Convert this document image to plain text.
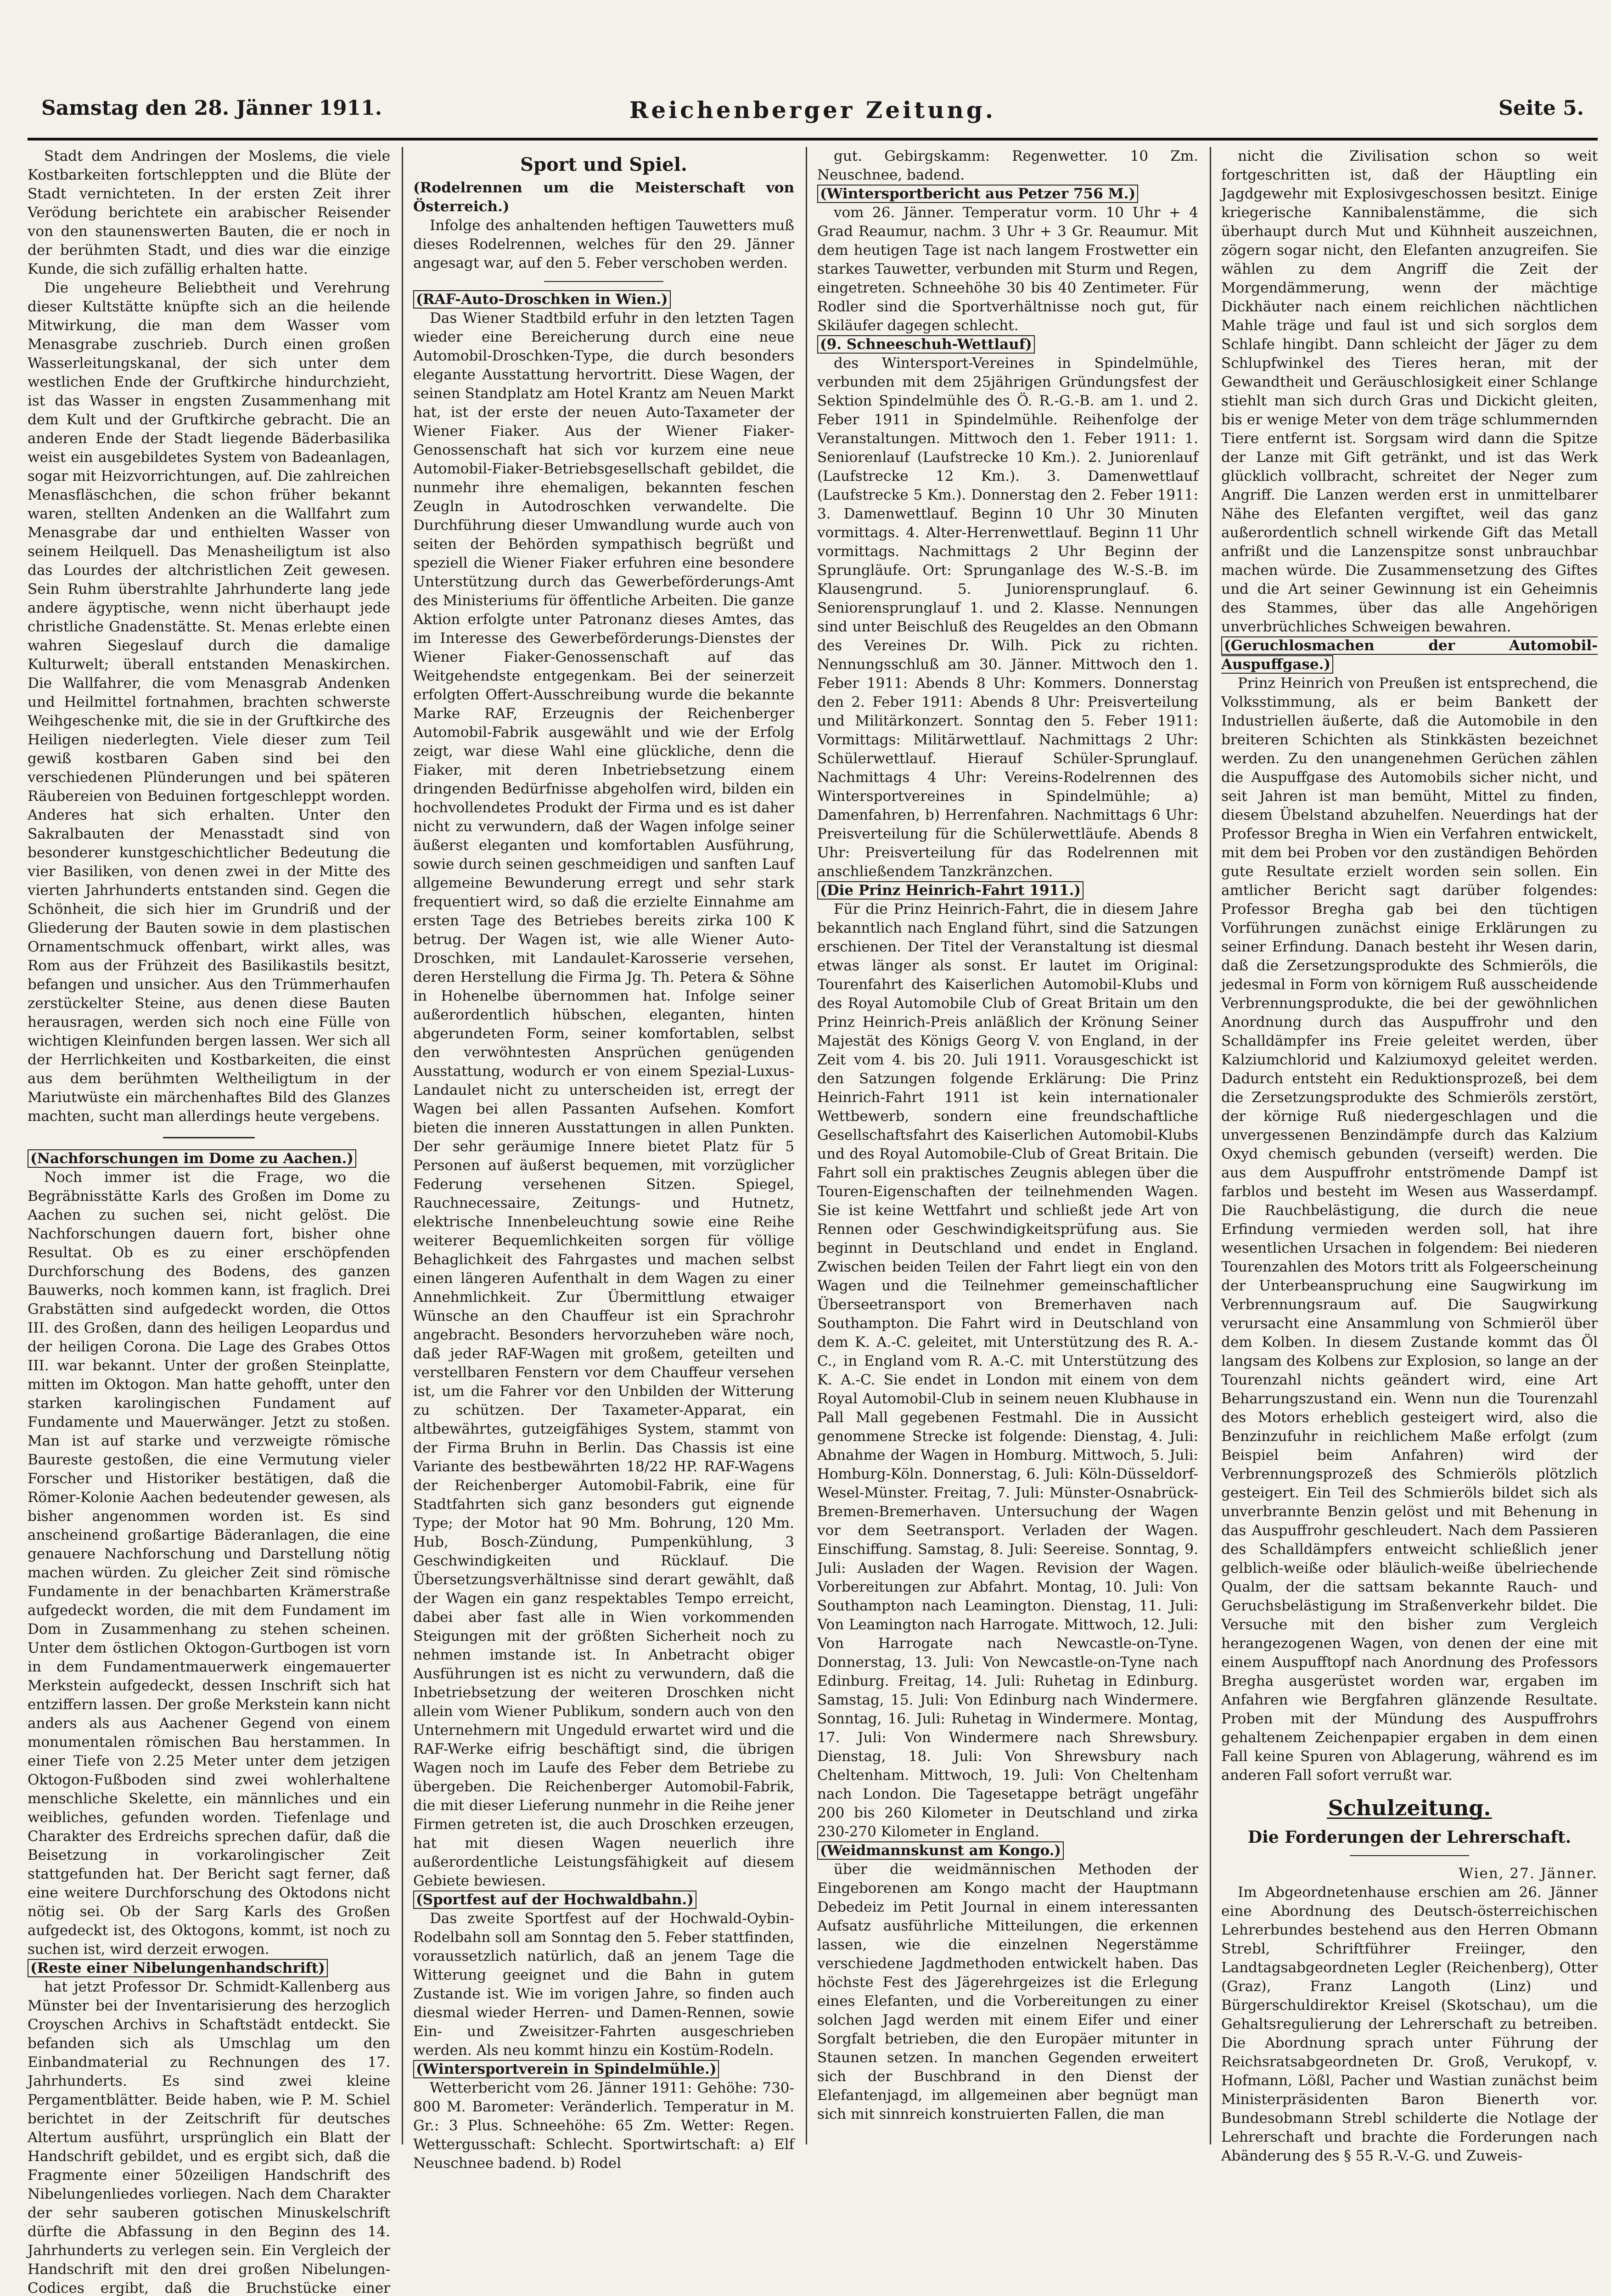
Samstag den 28. Jänner 1911.	Reichenberger Zeitung.	Seite 5.

Stadt dem Andringen der Moslems, die viele Kostbarkeiten fortschleppten und die Blüte der Stadt vernichteten. In der ersten Zeit ihrer Verödung berichtete ein arabischer Reisender von den staunenswerten Bauten, die er noch in der berühmten Stadt, und dies war die einzige Kunde, die sich zufällig erhalten hatte.

Die ungeheure Beliebtheit und Verehrung dieser Kultstätte knüpfte sich an die heilende Mitwirkung, die man dem Wasser vom Menasgrabe zuschrieb. Durch einen großen Wasserleitungskanal, der sich unter dem westlichen Ende der Gruftkirche hindurchzieht, ist das Wasser in engsten Zusammenhang mit dem Kult und der Gruftkirche gebracht. Die an anderen Ende der Stadt liegende Bäderbasilika weist ein ausgebildetes System von Badeanlagen, sogar mit Heizvorrichtungen, auf. Die zahlreichen Menasfläschchen, die schon früher bekannt waren, stellten Andenken an die Wallfahrt zum Menasgrabe dar und enthielten Wasser von seinem Heilquell. Das Menasheiligtum ist also das Lourdes der altchristlichen Zeit gewesen. Sein Ruhm überstrahlte Jahrhunderte lang jede andere ägyptische, wenn nicht überhaupt jede christliche Gnadenstätte. St. Menas erlebte einen wahren Siegeslauf durch die damalige Kulturwelt; überall entstanden Menaskirchen. Die Wallfahrer, die vom Menasgrab Andenken und Heilmittel fortnahmen, brachten schwerste Weihgeschenke mit, die sie in der Gruftkirche des Heiligen niederlegten. Viele dieser zum Teil gewiß kostbaren Gaben sind bei den verschiedenen Plünderungen und bei späteren Räubereien von Beduinen fortgeschleppt worden. Anderes hat sich erhalten. Unter den Sakralbauten der Menasstadt sind von besonderer kunstgeschichtlicher Bedeutung die vier Basiliken, von denen zwei in der Mitte des vierten Jahrhunderts entstanden sind. Gegen die Schönheit, die sich hier im Grundriß und der Gliederung der Bauten sowie in dem plastischen Ornamentschmuck offenbart, wirkt alles, was Rom aus der Frühzeit des Basilikastils besitzt, befangen und unsicher. Aus den Trümmerhaufen zerstückelter Steine, aus denen diese Bauten herausragen, werden sich noch eine Fülle von wichtigen Kleinfunden bergen lassen. Wer sich all der Herrlichkeiten und Kostbarkeiten, die einst aus dem berühmten Weltheiligtum in der Mariutwüste ein märchenhaftes Bild des Glanzes machten, sucht man allerdings heute vergebens.

(Nachforschungen im Dome zu Aachen.)

Noch immer ist die Frage, wo die Begräbnisstätte Karls des Großen im Dome zu Aachen zu suchen sei, nicht gelöst. Die Nachforschungen dauern fort, bisher ohne Resultat. Ob es zu einer erschöpfenden Durchforschung des Bodens, des ganzen Bauwerks, noch kommen kann, ist fraglich. Drei Grabstätten sind aufgedeckt worden, die Ottos III. des Großen, dann des heiligen Leopardus und der heiligen Corona. Die Lage des Grabes Ottos III. war bekannt. Unter der großen Steinplatte, mitten im Oktogon. Man hatte gehofft, unter den starken karolingischen Fundament auf Fundamente und Mauerwänger. Jetzt zu stoßen. Man ist auf starke und verzweigte römische Baureste gestoßen, die eine Vermutung vieler Forscher und Historiker bestätigen, daß die Römer-Kolonie Aachen bedeutender gewesen, als bisher angenommen worden ist. Es sind anscheinend großartige Bäderanlagen, die eine genauere Nachforschung und Darstellung nötig machen würden. Zu gleicher Zeit sind römische Fundamente in der benachbarten Krämerstraße aufgedeckt worden, die mit dem Fundament im Dom in Zusammenhang zu stehen scheinen. Unter dem östlichen Oktogon-Gurtbogen ist vorn in dem Fundamentmauerwerk eingemauerter Merkstein aufgedeckt, dessen Inschrift sich hat entziffern lassen. Der große Merkstein kann nicht anders als aus Aachener Gegend von einem monumentalen römischen Bau herstammen. In einer Tiefe von 2.25 Meter unter dem jetzigen Oktogon-Fußboden sind zwei wohlerhaltene menschliche Skelette, ein männliches und ein weibliches, gefunden worden. Tiefenlage und Charakter des Erdreichs sprechen dafür, daß die Beisetzung in vorkarolingischer Zeit stattgefunden hat. Der Bericht sagt ferner, daß eine weitere Durchforschung des Oktodons nicht nötig sei. Ob der Sarg Karls des Großen aufgedeckt ist, des Oktogons, kommt, ist noch zu suchen ist, wird derzeit erwogen.

(Reste einer Nibelungenhandschrift)

hat jetzt Professor Dr. Schmidt-Kallenberg aus Münster bei der Inventarisierung des herzoglich Croyschen Archivs in Schaftstädt entdeckt. Sie befanden sich als Umschlag um den Einbandmaterial zu Rechnungen des 17. Jahrhunderts. Es sind zwei kleine Pergamentblätter. Beide haben, wie P. M. Schiel berichtet in der Zeitschrift für deutsches Altertum ausführt, ursprünglich ein Blatt der Handschrift gebildet, und es ergibt sich, daß die Fragmente einer 50zeiligen Handschrift des Nibelungenliedes vorliegen. Nach dem Charakter der sehr sauberen gotischen Minuskelschrift dürfte die Abfassung in den Beginn des 14. Jahrhunderts zu verlegen sein. Ein Vergleich der Handschrift mit den drei großen Nibelungen-Codices ergibt, daß die Bruchstücke einer

Sport und Spiel.
(Rodelrennen um die Meisterschaft von Österreich.)

Infolge des anhaltenden heftigen Tauwetters muß dieses Rodelrennen, welches für den 29. Jänner angesagt war, auf den 5. Feber verschoben werden.

(RAF-Auto-Droschken in Wien.)

Das Wiener Stadtbild erfuhr in den letzten Tagen wieder eine Bereicherung durch eine neue Automobil-Droschken-Type, die durch besonders elegante Ausstattung hervortritt. Diese Wagen, der seinen Standplatz am Hotel Krantz am Neuen Markt hat, ist der erste der neuen Auto-Taxameter der Wiener Fiaker. Aus der Wiener Fiaker-Genossenschaft hat sich vor kurzem eine neue Automobil-Fiaker-Betriebsgesellschaft gebildet, die nunmehr ihre ehemaligen, bekannten feschen Zeugln in Autodroschken verwandelte. Die Durchführung dieser Umwandlung wurde auch von seiten der Behörden sympathisch begrüßt und speziell die Wiener Fiaker erfuhren eine besondere Unterstützung durch das Gewerbeförderungs-Amt des Ministeriums für öffentliche Arbeiten. Die ganze Aktion erfolgte unter Patronanz dieses Amtes, das im Interesse des Gewerbeförderungs-Dienstes der Wiener Fiaker-Genossenschaft auf das Weitgehendste entgegenkam. Bei der seinerzeit erfolgten Offert-Ausschreibung wurde die bekannte Marke RAF, Erzeugnis der Reichenberger Automobil-Fabrik ausgewählt und wie der Erfolg zeigt, war diese Wahl eine glückliche, denn die Fiaker, mit deren Inbetriebsetzung einem dringenden Bedürfnisse abgeholfen wird, bilden ein hochvollendetes Produkt der Firma und es ist daher nicht zu verwundern, daß der Wagen infolge seiner äußerst eleganten und komfortablen Ausführung, sowie durch seinen geschmeidigen und sanften Lauf allgemeine Bewunderung erregt und sehr stark frequentiert wird, so daß die erzielte Einnahme am ersten Tage des Betriebes bereits zirka 100 K betrug. Der Wagen ist, wie alle Wiener Auto-Droschken, mit Landaulet-Karosserie versehen, deren Herstellung die Firma Jg. Th. Petera & Söhne in Hohenelbe übernommen hat. Infolge seiner außerordentlich hübschen, eleganten, hinten abgerundeten Form, seiner komfortablen, selbst den verwöhntesten Ansprüchen genügenden Ausstattung, wodurch er von einem Spezial-Luxus-Landaulet nicht zu unterscheiden ist, erregt der Wagen bei allen Passanten Aufsehen. Komfort bieten die inneren Ausstattungen in allen Punkten. Der sehr geräumige Innere bietet Platz für 5 Personen auf äußerst bequemen, mit vorzüglicher Federung versehenen Sitzen. Spiegel, Rauchnecessaire, Zeitungs- und Hutnetz, elektrische Innenbeleuchtung sowie eine Reihe weiterer Bequemlichkeiten sorgen für völlige Behaglichkeit des Fahrgastes und machen selbst einen längeren Aufenthalt in dem Wagen zu einer Annehmlichkeit. Zur Übermittlung etwaiger Wünsche an den Chauffeur ist ein Sprachrohr angebracht. Besonders hervorzuheben wäre noch, daß jeder RAF-Wagen mit großem, geteilten und verstellbaren Fenstern vor dem Chauffeur versehen ist, um die Fahrer vor den Unbilden der Witterung zu schützen. Der Taxameter-Apparat, ein altbewährtes, gutzeigfähiges System, stammt von der Firma Bruhn in Berlin. Das Chassis ist eine Variante des bestbewährten 18/22 HP. RAF-Wagens der Reichenberger Automobil-Fabrik, eine für Stadtfahrten sich ganz besonders gut eignende Type; der Motor hat 90 Mm. Bohrung, 120 Mm. Hub, Bosch-Zündung, Pumpenkühlung, 3 Geschwindigkeiten und Rücklauf. Die Übersetzungsverhältnisse sind derart gewählt, daß der Wagen ein ganz respektables Tempo erreicht, dabei aber fast alle in Wien vorkommenden Steigungen mit der größten Sicherheit noch zu nehmen imstande ist. In Anbetracht obiger Ausführungen ist es nicht zu verwundern, daß die Inbetriebsetzung der weiteren Droschken nicht allein vom Wiener Publikum, sondern auch von den Unternehmern mit Ungeduld erwartet wird und die RAF-Werke eifrig beschäftigt sind, die übrigen Wagen noch im Laufe des Feber dem Betriebe zu übergeben. Die Reichenberger Automobil-Fabrik, die mit dieser Lieferung nunmehr in die Reihe jener Firmen getreten ist, die auch Droschken erzeugen, hat mit diesen Wagen neuerlich ihre außerordentliche Leistungsfähigkeit auf diesem Gebiete bewiesen.

(Sportfest auf der Hochwaldbahn.)

Das zweite Sportfest auf der Hochwald-Oybin-Rodelbahn soll am Sonntag den 5. Feber stattfinden, voraussetzlich natürlich, daß an jenem Tage die Witterung geeignet und die Bahn in gutem Zustande ist. Wie im vorigen Jahre, so finden auch diesmal wieder Herren- und Damen-Rennen, sowie Ein- und Zweisitzer-Fahrten ausgeschrieben werden. Als neu kommt hinzu ein Kostüm-Rodeln.

(Wintersportverein in Spindelmühle.)

Wetterbericht vom 26. Jänner 1911: Gehöhe: 730-800 M. Barometer: Veränderlich. Temperatur in M. Gr.: 3 Plus. Schneehöhe: 65 Zm. Wetter: Regen. Wettergusschaft: Schlecht. Sportwirtschaft: a) Elf Neuschnee badend. b) Rodel

gut. Gebirgskamm: Regenwetter. 10 Zm. Neuschnee, badend.

(Wintersportbericht aus Petzer 756 M.)

vom 26. Jänner. Temperatur vorm. 10 Uhr + 4 Grad Reaumur, nachm. 3 Uhr + 3 Gr. Reaumur. Mit dem heutigen Tage ist nach langem Frostwetter ein starkes Tauwetter, verbunden mit Sturm und Regen, eingetreten. Schneehöhe 30 bis 40 Zentimeter. Für Rodler sind die Sportverhältnisse noch gut, für Skiläufer dagegen schlecht.

(9. Schneeschuh-Wettlauf)

des Wintersport-Vereines in Spindelmühle, verbunden mit dem 25jährigen Gründungsfest der Sektion Spindelmühle des Ö. R.-G.-B. am 1. und 2. Feber 1911 in Spindelmühle. Reihenfolge der Veranstaltungen. Mittwoch den 1. Feber 1911: 1. Seniorenlauf (Laufstrecke 10 Km.). 2. Juniorenlauf (Laufstrecke 12 Km.). 3. Damenwettlauf (Laufstrecke 5 Km.). Donnerstag den 2. Feber 1911: 3. Damenwettlauf. Beginn 10 Uhr 30 Minuten vormittags. 4. Alter-Herrenwettlauf. Beginn 11 Uhr vormittags. Nachmittags 2 Uhr Beginn der Sprungläufe. Ort: Sprunganlage des W.-S.-B. im Klausengrund. 5. Juniorensprunglauf. 6. Seniorensprunglauf 1. und 2. Klasse. Nennungen sind unter Beischluß des Reugeldes an den Obmann des Vereines Dr. Wilh. Pick zu richten. Nennungsschluß am 30. Jänner. Mittwoch den 1. Feber 1911: Abends 8 Uhr: Kommers. Donnerstag den 2. Feber 1911: Abends 8 Uhr: Preisverteilung und Militärkonzert. Sonntag den 5. Feber 1911: Vormittags: Militärwettlauf. Nachmittags 2 Uhr: Schülerwettlauf. Hierauf Schüler-Sprunglauf. Nachmittags 4 Uhr: Vereins-Rodelrennen des Wintersportvereines in Spindelmühle; a) Damenfahren, b) Herrenfahren. Nachmittags 6 Uhr: Preisverteilung für die Schülerwettläufe. Abends 8 Uhr: Preisverteilung für das Rodelrennen mit anschließendem Tanzkränzchen.

(Die Prinz Heinrich-Fahrt 1911.)

Für die Prinz Heinrich-Fahrt, die in diesem Jahre bekanntlich nach England führt, sind die Satzungen erschienen. Der Titel der Veranstaltung ist diesmal etwas länger als sonst. Er lautet im Original: Tourenfahrt des Kaiserlichen Automobil-Klubs und des Royal Automobile Club of Great Britain um den Prinz Heinrich-Preis anläßlich der Krönung Seiner Majestät des Königs Georg V. von England, in der Zeit vom 4. bis 20. Juli 1911. Vorausgeschickt ist den Satzungen folgende Erklärung: Die Prinz Heinrich-Fahrt 1911 ist kein internationaler Wettbewerb, sondern eine freundschaftliche Gesellschaftsfahrt des Kaiserlichen Automobil-Klubs und des Royal Automobile-Club of Great Britain. Die Fahrt soll ein praktisches Zeugnis ablegen über die Touren-Eigenschaften der teilnehmenden Wagen. Sie ist keine Wettfahrt und schließt jede Art von Rennen oder Geschwindigkeitsprüfung aus. Sie beginnt in Deutschland und endet in England. Zwischen beiden Teilen der Fahrt liegt ein von den Wagen und die Teilnehmer gemeinschaftlicher Überseetransport von Bremerhaven nach Southampton. Die Fahrt wird in Deutschland von dem K. A.-C. geleitet, mit Unterstützung des R. A.-C., in England vom R. A.-C. mit Unterstützung des K. A.-C. Sie endet in London mit einem von dem Royal Automobil-Club in seinem neuen Klubhause in Pall Mall gegebenen Festmahl. Die in Aussicht genommene Strecke ist folgende: Dienstag, 4. Juli: Abnahme der Wagen in Homburg. Mittwoch, 5. Juli: Homburg-Köln. Donnerstag, 6. Juli: Köln-Düsseldorf-Wesel-Münster. Freitag, 7. Juli: Münster-Osnabrück-Bremen-Bremerhaven. Untersuchung der Wagen vor dem Seetransport. Verladen der Wagen. Einschiffung. Samstag, 8. Juli: Seereise. Sonntag, 9. Juli: Ausladen der Wagen. Revision der Wagen. Vorbereitungen zur Abfahrt. Montag, 10. Juli: Von Southampton nach Leamington. Dienstag, 11. Juli: Von Leamington nach Harrogate. Mittwoch, 12. Juli: Von Harrogate nach Newcastle-on-Tyne. Donnerstag, 13. Juli: Von Newcastle-on-Tyne nach Edinburg. Freitag, 14. Juli: Ruhetag in Edinburg. Samstag, 15. Juli: Von Edinburg nach Windermere. Sonntag, 16. Juli: Ruhetag in Windermere. Montag, 17. Juli: Von Windermere nach Shrewsbury. Dienstag, 18. Juli: Von Shrewsbury nach Cheltenham. Mittwoch, 19. Juli: Von Cheltenham nach London. Die Tagesetappe beträgt ungefähr 200 bis 260 Kilometer in Deutschland und zirka 230-270 Kilometer in England.

(Weidmannskunst am Kongo.)

über die weidmännischen Methoden der Eingeborenen am Kongo macht der Hauptmann Debedeiz im Petit Journal in einem interessanten Aufsatz ausführliche Mitteilungen, die erkennen lassen, wie die einzelnen Negerstämme verschiedene Jagdmethoden entwickelt haben. Das höchste Fest des Jägerehrgeizes ist die Erlegung eines Elefanten, und die Vorbereitungen zu einer solchen Jagd werden mit einem Eifer und einer Sorgfalt betrieben, die den Europäer mitunter in Staunen setzen. In manchen Gegenden erweitert sich der Buschbrand in den Dienst der Elefantenjagd, im allgemeinen aber begnügt man sich mit sinnreich konstruierten Fallen, die man

nicht die Zivilisation schon so weit fortgeschritten ist, daß der Häuptling ein Jagdgewehr mit Explosivgeschossen besitzt. Einige kriegerische Kannibalenstämme, die sich überhaupt durch Mut und Kühnheit auszeichnen, zögern sogar nicht, den Elefanten anzugreifen. Sie wählen zu dem Angriff die Zeit der Morgendämmerung, wenn der mächtige Dickhäuter nach einem reichlichen nächtlichen Mahle träge und faul ist und sich sorglos dem Schlafe hingibt. Dann schleicht der Jäger zu dem Schlupfwinkel des Tieres heran, mit der Gewandtheit und Geräuschlosigkeit einer Schlange stiehlt man sich durch Gras und Dickicht gleiten, bis er wenige Meter von dem träge schlummernden Tiere entfernt ist. Sorgsam wird dann die Spitze der Lanze mit Gift getränkt, und ist das Werk glücklich vollbracht, schreitet der Neger zum Angriff. Die Lanzen werden erst in unmittelbarer Nähe des Elefanten vergiftet, weil das ganz außerordentlich schnell wirkende Gift das Metall anfrißt und die Lanzenspitze sonst unbrauchbar machen würde. Die Zusammensetzung des Giftes und die Art seiner Gewinnung ist ein Geheimnis des Stammes, über das alle Angehörigen unverbrüchliches Schweigen bewahren.

(Geruchlosmachen der Automobil-Auspuffgase.)

Prinz Heinrich von Preußen ist entsprechend, die Volksstimmung, als er beim Bankett der Industriellen äußerte, daß die Automobile in den breiteren Schichten als Stinkkästen bezeichnet werden. Zu den unangenehmen Gerüchen zählen die Auspuffgase des Automobils sicher nicht, und seit Jahren ist man bemüht, Mittel zu finden, diesem Übelstand abzuhelfen. Neuerdings hat der Professor Bregha in Wien ein Verfahren entwickelt, mit dem bei Proben vor den zuständigen Behörden gute Resultate erzielt worden sein sollen. Ein amtlicher Bericht sagt darüber folgendes: Professor Bregha gab bei den tüchtigen Vorführungen zunächst einige Erklärungen zu seiner Erfindung. Danach besteht ihr Wesen darin, daß die Zersetzungsprodukte des Schmieröls, die jedesmal in Form von körnigem Ruß ausscheidende Verbrennungsprodukte, die bei der gewöhnlichen Anordnung durch das Auspuffrohr und den Schalldämpfer ins Freie geleitet werden, über Kalziumchlorid und Kalziumoxyd geleitet werden. Dadurch entsteht ein Reduktionsprozeß, bei dem die Zersetzungsprodukte des Schmieröls zerstört, der körnige Ruß niedergeschlagen und die unvergessenen Benzindämpfe durch das Kalzium Oxyd chemisch gebunden (verseift) werden. Die aus dem Auspuffrohr entströmende Dampf ist farblos und besteht im Wesen aus Wasserdampf. Die Rauchbelästigung, die durch die neue Erfindung vermieden werden soll, hat ihre wesentlichen Ursachen in folgendem: Bei niederen Tourenzahlen des Motors tritt als Folgeerscheinung der Unterbeanspruchung eine Saugwirkung im Verbrennungsraum auf. Die Saugwirkung verursacht eine Ansammlung von Schmieröl über dem Kolben. In diesem Zustande kommt das Öl langsam des Kolbens zur Explosion, so lange an der Tourenzahl nichts geändert wird, eine Art Beharrungszustand ein. Wenn nun die Tourenzahl des Motors erheblich gesteigert wird, also die Benzinzufuhr in reichlichem Maße erfolgt (zum Beispiel beim Anfahren) wird der Verbrennungsprozeß des Schmieröls plötzlich gesteigert. Ein Teil des Schmieröls bildet sich als unverbrannte Benzin gelöst und mit Behenung in das Auspuffrohr geschleudert. Nach dem Passieren des Schalldämpfers entweicht schließlich jener gelblich-weiße oder bläulich-weiße übelriechende Qualm, der die sattsam bekannte Rauch- und Geruchsbelästigung im Straßenverkehr bildet. Die Versuche mit den bisher zum Vergleich herangezogenen Wagen, von denen der eine mit einem Auspufftopf nach Anordnung des Professors Bregha ausgerüstet worden war, ergaben im Anfahren wie Bergfahren glänzende Resultate. Proben mit der Mündung des Auspuffrohrs gehaltenem Zeichenpapier ergaben in dem einen Fall keine Spuren von Ablagerung, während es im anderen Fall sofort verrußt war.

Schulzeitung.
Die Forderungen der Lehrerschaft.
Wien, 27. Jänner.

Im Abgeordnetenhause erschien am 26. Jänner eine Abordnung des Deutsch-österreichischen Lehrerbundes bestehend aus den Herren Obmann Strebl, Schriftführer Freiinger, den Landtagsabgeordneten Legler (Reichenberg), Otter (Graz), Franz Langoth (Linz) und Bürgerschuldirektor Kreisel (Skotschau), um die Gehaltsregulierung der Lehrerschaft zu betreiben. Die Abordnung sprach unter Führung der Reichsratsabgeordneten Dr. Groß, Verukopf, v. Hofmann, Lößl, Pacher und Wastian zunächst beim Ministerpräsidenten Baron Bienerth vor. Bundesobmann Strebl schilderte die Notlage der Lehrerschaft und brachte die Forderungen nach Abänderung des § 55 R.-V.-G. und Zuweis-
